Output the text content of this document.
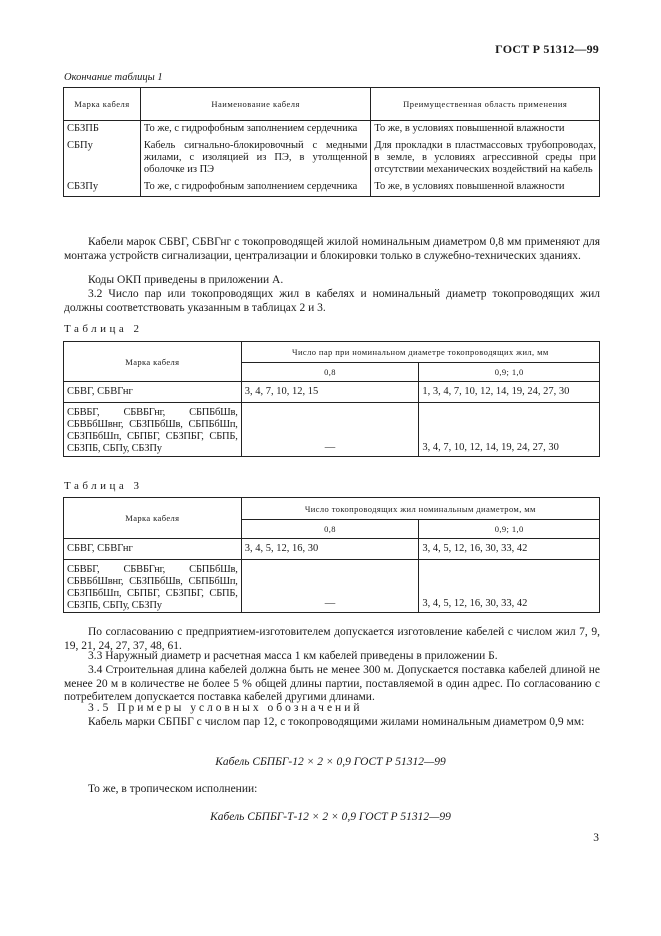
ГОСТ Р 51312—99
Окончание таблицы 1
Марка кабеля	Наименование кабеля	Преимущественная область применения
СБЗПБ	То же, с гидрофобным заполнением сердечника	То же, в условиях повышенной влажности
СБПу	Кабель сигнально-блокировочный с медными жилами, с изоляцией из ПЭ, в утолщенной оболочке из ПЭ	Для прокладки в пластмассовых трубопроводах, в земле, в условиях агрессивной среды при отсутствии механических воздействий на кабель
СБЗПу	То же, с гидрофобным заполнением сердечника	То же, в условиях повышенной влажности

Кабели марок СБВГ, СБВГнг с токопроводящей жилой номинальным диаметром 0,8 мм применяют для монтажа устройств сигнализации, централизации и блокировки только в служебно-технических зданиях.

Коды ОКП приведены в приложении А.

3.2 Число пар или токопроводящих жил в кабелях и номинальный диаметр токопроводящих жил должны соответствовать указанным в таблицах 2 и 3.

Таблица 2
Марка кабеля	Число пар при номинальном диаметре токопроводящих жил, мм	
	0,8	0,9; 1,0
СБВГ, СБВГнг	3, 4, 7, 10, 12, 15	1, 3, 4, 7, 10, 12, 14, 19, 24, 27, 30
СБВБГ, СБВБГнг, СБПБбШв, СБВБбШвнг, СБЗПБбШв, СБПБбШп, СБЗПБбШп, СБПБГ, СБЗПБГ, СБПБ, СБЗПБ, СБПу, СБЗПу	—	3, 4, 7, 10, 12, 14, 19, 24, 27, 30
Таблица 3
Марка кабеля	Число токопроводящих жил номинальным диаметром, мм	
	0,8	0,9; 1,0
СБВГ, СБВГнг	3, 4, 5, 12, 16, 30	3, 4, 5, 12, 16, 30, 33, 42
СБВБГ, СБВБГнг, СБПБбШв, СБВБбШвнг, СБЗПБбШв, СБПБбШп, СБЗПБбШп, СБПБГ, СБЗПБГ, СБПБ, СБЗПБ, СБПу, СБЗПу	—	3, 4, 5, 12, 16, 30, 33, 42

По согласованию с предприятием-изготовителем допускается изготовление кабелей с числом жил 7, 9, 19, 21, 24, 27, 37, 48, 61.

3.3 Наружный диаметр и расчетная масса 1 км кабелей приведены в приложении Б.

3.4 Строительная длина кабелей должна быть не менее 300 м. Допускается поставка кабелей длиной не менее 20 м в количестве не более 5 % общей длины партии, поставляемой в один адрес. По согласованию с потребителем допускается поставка кабелей другими длинами.

3.5 Примеры условных обозначений

Кабель марки СБПБГ с числом пар 12, с токопроводящими жилами номинальным диаметром 0,9 мм:

Кабель СБПБГ-12 × 2 × 0,9 ГОСТ Р 51312—99

То же, в тропическом исполнении:

Кабель СБПБГ-Т-12 × 2 × 0,9 ГОСТ Р 51312—99
3
